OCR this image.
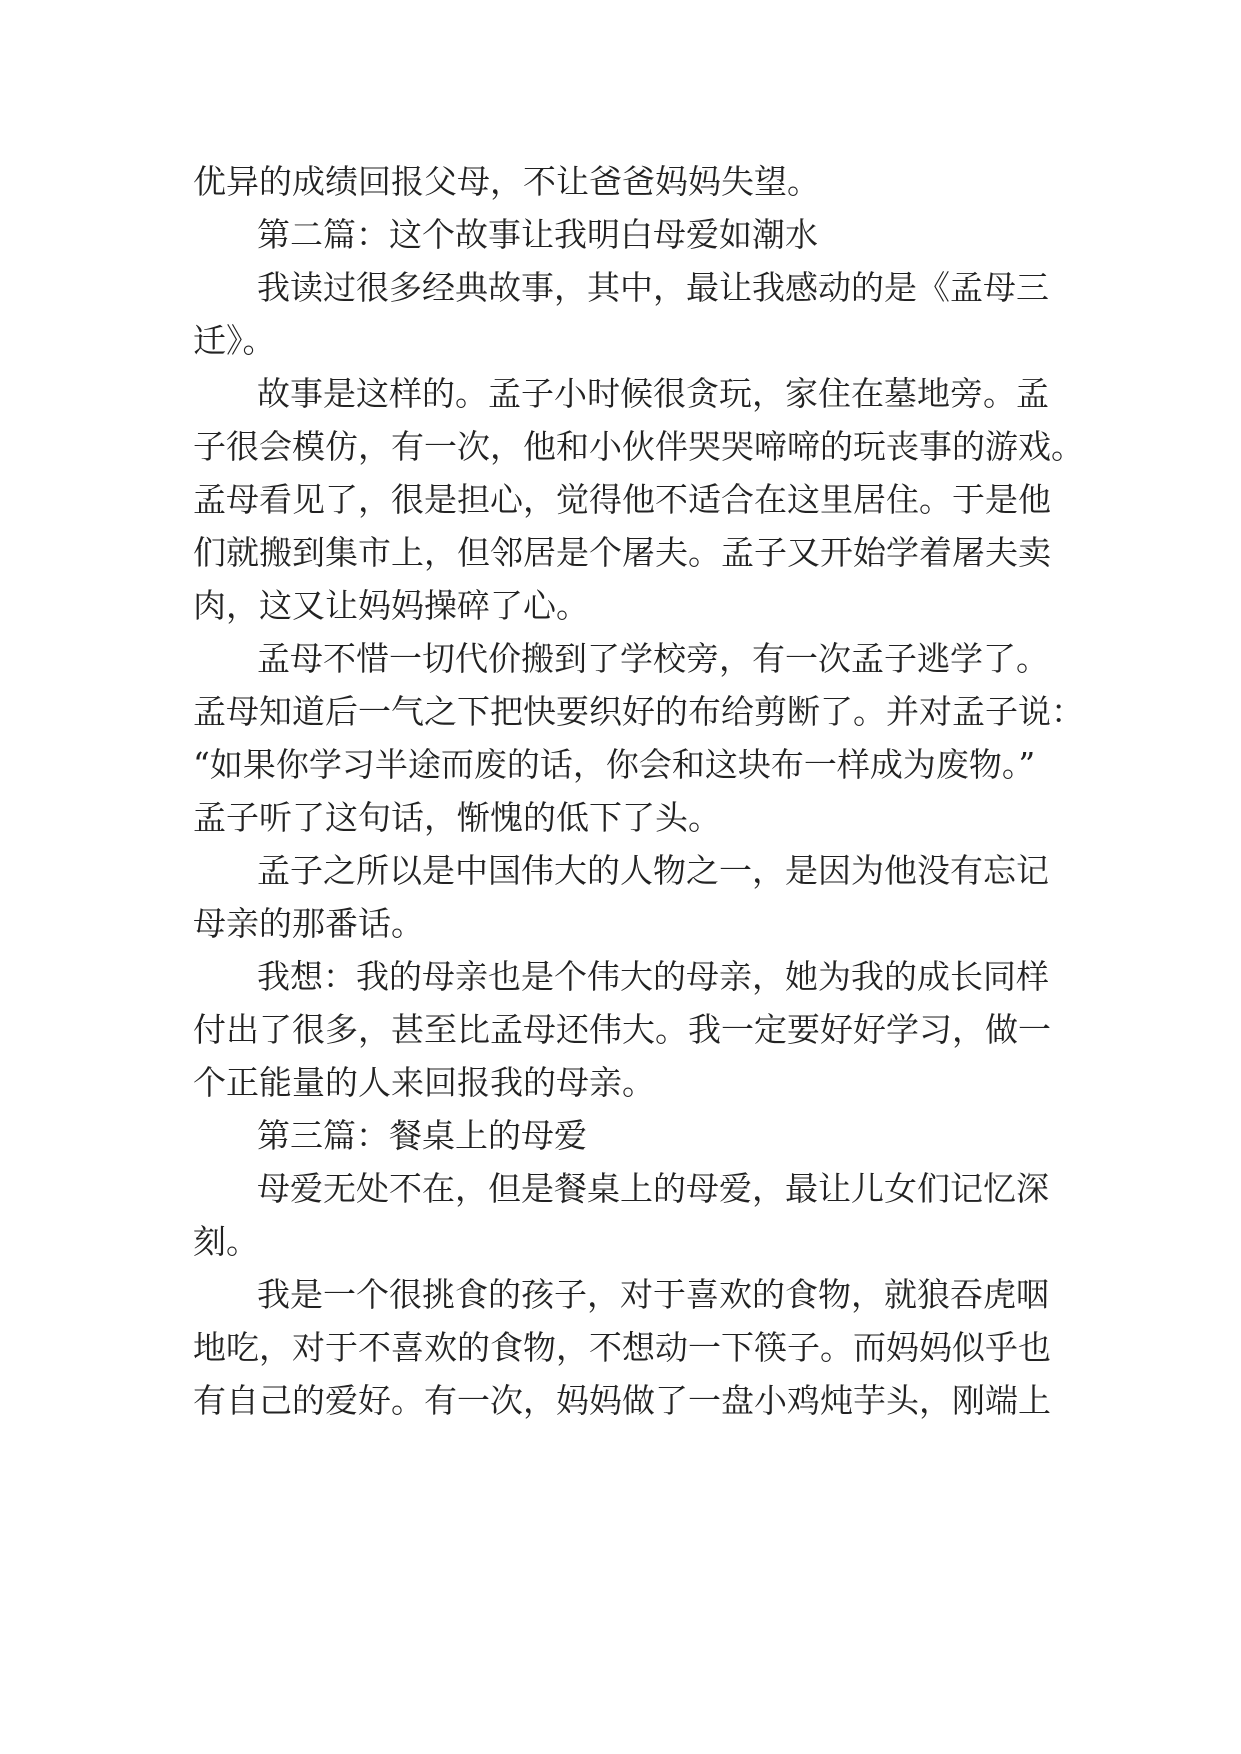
优异的成绩回报父母，不让爸爸妈妈失望。
第二篇：这个故事让我明白母爱如潮水
我读过很多经典故事，其中，最让我感动的是《孟母三
迁》。
故事是这样的。孟子小时候很贪玩，家住在墓地旁。孟
子很会模仿，有一次，他和小伙伴哭哭啼啼的玩丧事的游戏。
孟母看见了，很是担心，觉得他不适合在这里居住。于是他
们就搬到集市上，但邻居是个屠夫。孟子又开始学着屠夫卖
肉，这又让妈妈操碎了心。
孟母不惜一切代价搬到了学校旁，有一次孟子逃学了。
孟母知道后一气之下把快要织好的布给剪断了。并对孟子说：
“如果你学习半途而废的话，你会和这块布一样成为废物。”
孟子听了这句话，惭愧的低下了头。
孟子之所以是中国伟大的人物之一，是因为他没有忘记
母亲的那番话。
我想：我的母亲也是个伟大的母亲，她为我的成长同样
付出了很多，甚至比孟母还伟大。我一定要好好学习，做一
个正能量的人来回报我的母亲。
第三篇：餐桌上的母爱
母爱无处不在，但是餐桌上的母爱，最让儿女们记忆深
刻。
我是一个很挑食的孩子，对于喜欢的食物，就狼吞虎咽
地吃，对于不喜欢的食物，不想动一下筷子。而妈妈似乎也
有自己的爱好。有一次，妈妈做了一盘小鸡炖芋头，刚端上
